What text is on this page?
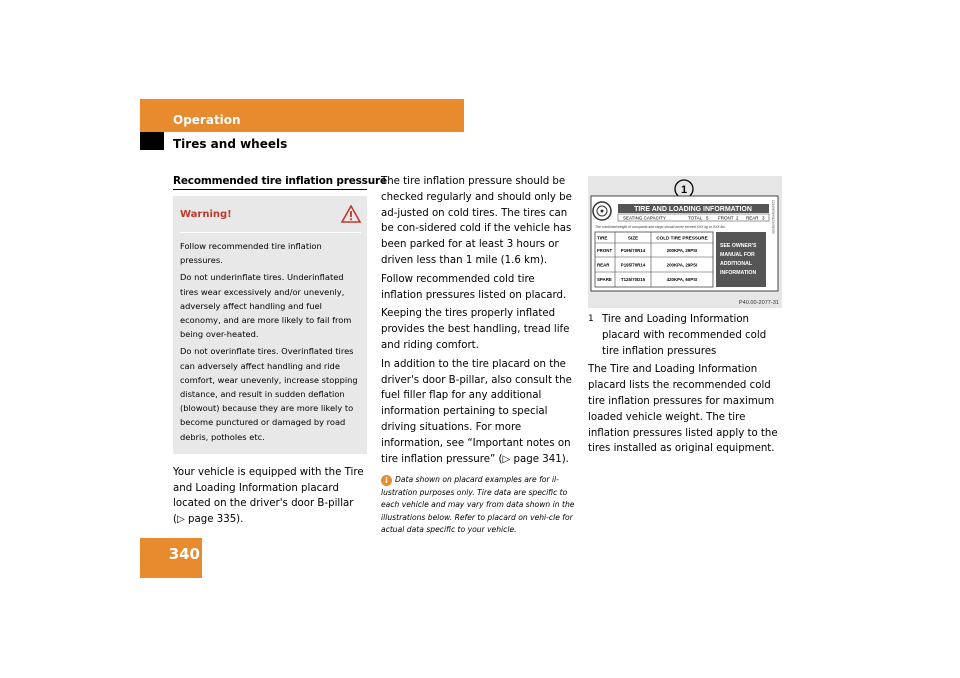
Operation
Tires and wheels
Recommended tire inflation pressure
Warning!

Follow recommended tire inflation pressures.

Do not underinflate tires. Underinflated tires wear excessively and/or unevenly, adversely affect handling and fuel economy, and are more likely to fail from being over-heated.

Do not overinflate tires. Overinflated tires can adversely affect handling and ride comfort, wear unevenly, increase stopping distance, and result in sudden deflation (blowout) because they are more likely to become punctured or damaged by road debris, potholes etc.

Your vehicle is equipped with the Tire and Loading Information placard located on the driver's door B-pillar (▷ page 335).

The tire inflation pressure should be checked regularly and should only be ad-justed on cold tires. The tires can be con-sidered cold if the vehicle has been parked for at least 3 hours or driven less than 1 mile (1.6 km).

Follow recommended cold tire inflation pressures listed on placard.

Keeping the tires properly inflated provides the best handling, tread life and riding comfort.

In addition to the tire placard on the driver's door B-pillar, also consult the fuel filler flap for any additional information pertaining to special driving situations. For more information, see “Important notes on tire inflation pressure” (▷ page 341).

i Data shown on placard examples are for il-lustration purposes only. Tire data are specific to each vehicle and may vary from data shown in the illustrations below. Refer to placard on vehi-cle for actual data specific to your vehicle.
1
TIRE AND LOADING INFORMATION
SEATING CAPACITY	TOTAL 5 FRONT 2 REAR 3
The combined weight of occupants and cargo should never exceed XXX kg or XXX lbs.
TIRE	SIZE	COLD TIRE PRESSURE
FRONT P195/70R14	200KPA, 29PSI
REAR	P195/70R14	200KPA, 29PSI
SPARE T125/70D15	420KPA, 60PSI
SEE OWNER'S
MANUAL FOR
ADDITIONAL
INFORMATION
1234567890123456789
P40.00-2077-31
1 Tire and Loading Information placard with recommended cold tire inflation pressures

The Tire and Loading Information placard lists the recommended cold tire inflation pressures for maximum loaded vehicle weight. The tire inflation pressures listed apply to the tires installed as original equipment.

340
